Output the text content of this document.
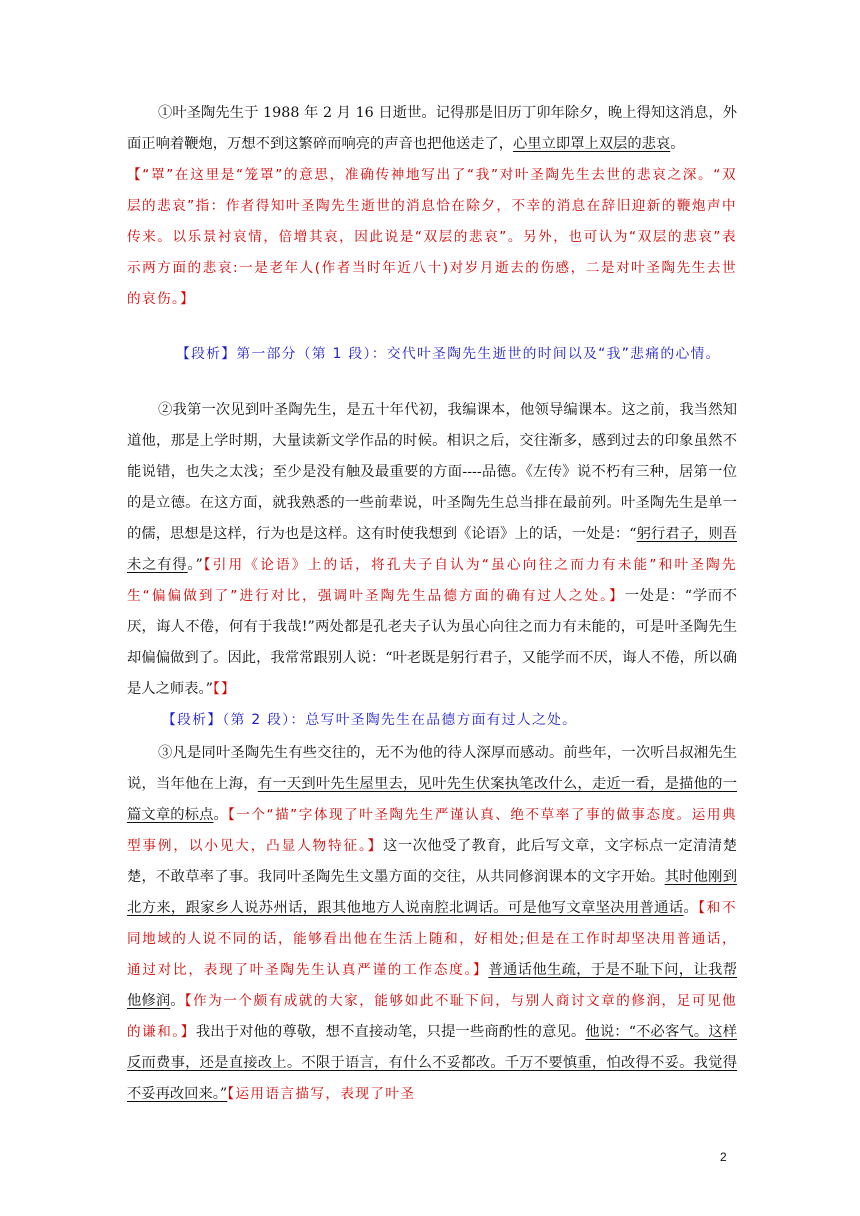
①叶圣陶先生于 1988 年 2 月 16 日逝世。记得那是旧历丁卯年除夕，晚上得知这消息，外面正响着鞭炮，万想不到这繁碎而响亮的声音也把他送走了，心里立即罩上双层的悲哀。
【“罩”在这里是“笼罩”的意思，准确传神地写出了“我”对叶圣陶先生去世的悲哀之深。“双层的悲哀”指：作者得知叶圣陶先生逝世的消息恰在除夕，不幸的消息在辞旧迎新的鞭炮声中传来。以乐景衬哀情，倍增其哀，因此说是“双层的悲哀”。另外，也可认为“双层的悲哀”表示两方面的悲哀:一是老年人(作者当时年近八十)对岁月逝去的伤感，二是对叶圣陶先生去世的哀伤。】

【段析】第一部分（第 1 段）：交代叶圣陶先生逝世的时间以及“我”悲痛的心情。

②我第一次见到叶圣陶先生，是五十年代初，我编课本，他领导编课本。这之前，我当然知道他，那是上学时期，大量读新文学作品的时候。相识之后，交往渐多，感到过去的印象虽然不能说错，也失之太浅；至少是没有触及最重要的方面----品德。《左传》说不朽有三种，居第一位的是立德。在这方面，就我熟悉的一些前辈说，叶圣陶先生总当排在最前列。叶圣陶先生是单一的儒，思想是这样，行为也是这样。这有时使我想到《论语》上的话，一处是：“躬行君子，则吾未之有得。”【引用《论语》上的话，将孔夫子自认为“虽心向往之而力有未能”和叶圣陶先生“偏偏做到了”进行对比，强调叶圣陶先生品德方面的确有过人之处。】一处是：“学而不厌，诲人不倦，何有于我哉!”两处都是孔老夫子认为虽心向往之而力有未能的，可是叶圣陶先生却偏偏做到了。因此，我常常跟别人说：“叶老既是躬行君子，又能学而不厌，诲人不倦，所以确是人之师表。”【】

【段析】（第 2 段）：总写叶圣陶先生在品德方面有过人之处。

③凡是同叶圣陶先生有些交往的，无不为他的待人深厚而感动。前些年，一次听吕叔湘先生说，当年他在上海，有一天到叶先生屋里去，见叶先生伏案执笔改什么，走近一看，是描他的一篇文章的标点。【一个“描”字体现了叶圣陶先生严谨认真、绝不草率了事的做事态度。运用典型事例，以小见大，凸显人物特征。】这一次他受了教育，此后写文章，文字标点一定清清楚楚，不敢草率了事。我同叶圣陶先生文墨方面的交往，从共同修润课本的文字开始。其时他刚到北方来，跟家乡人说苏州话，跟其他地方人说南腔北调话。可是他写文章坚决用普通话。【和不同地域的人说不同的话，能够看出他在生活上随和，好相处;但是在工作时却坚决用普通话，通过对比，表现了叶圣陶先生认真严谨的工作态度。】普通话他生疏，于是不耻下问，让我帮他修润。【作为一个颇有成就的大家，能够如此不耻下问，与别人商讨文章的修润，足可见他的谦和。】我出于对他的尊敬，想不直接动笔，只提一些商酌性的意见。他说：“不必客气。这样反而费事，还是直接改上。不限于语言，有什么不妥都改。千万不要慎重，怕改得不妥。我觉得不妥再改回来。”【运用语言描写，表现了叶圣

2
